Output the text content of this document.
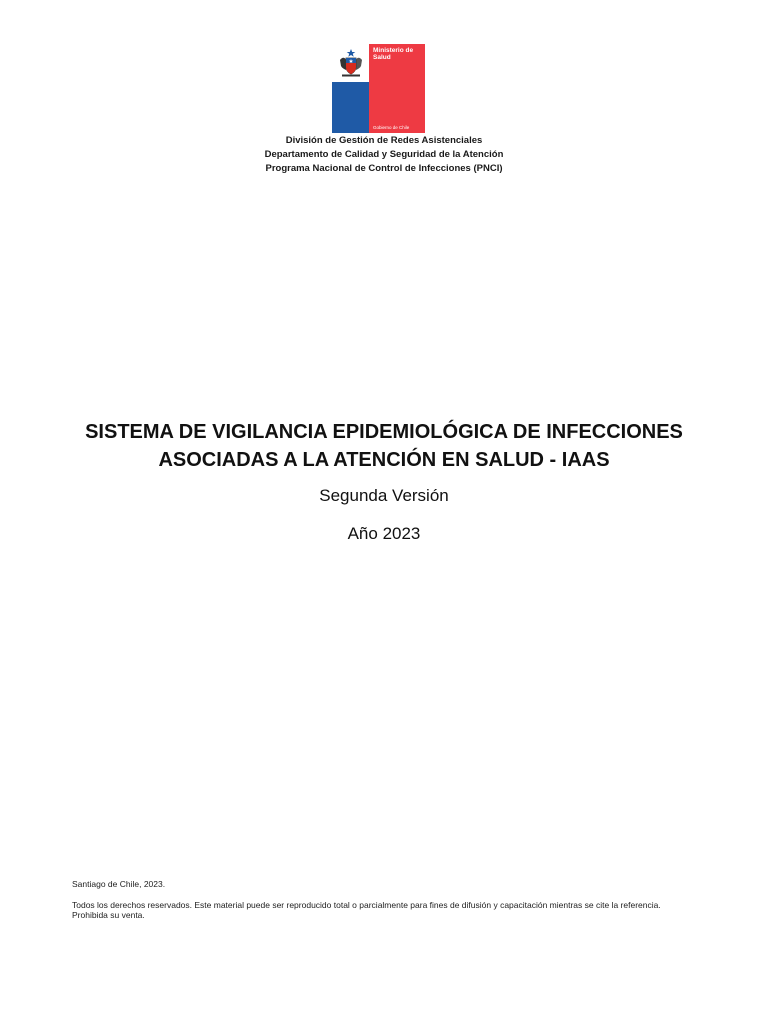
Ministerio de Salud
Gobierno de Chile
División de Gestión de Redes Asistenciales
Departamento de Calidad y Seguridad de la Atención
Programa Nacional de Control de Infecciones (PNCI)
SISTEMA DE VIGILANCIA EPIDEMIOLÓGICA DE INFECCIONES
ASOCIADAS A LA ATENCIÓN EN SALUD - IAAS
Segunda Versión
Año 2023
Santiago de Chile, 2023.
Todos los derechos reservados. Este material puede ser reproducido total o parcialmente para fines de difusión y capacitación mientras se cite la referencia.
Prohibida su venta.
